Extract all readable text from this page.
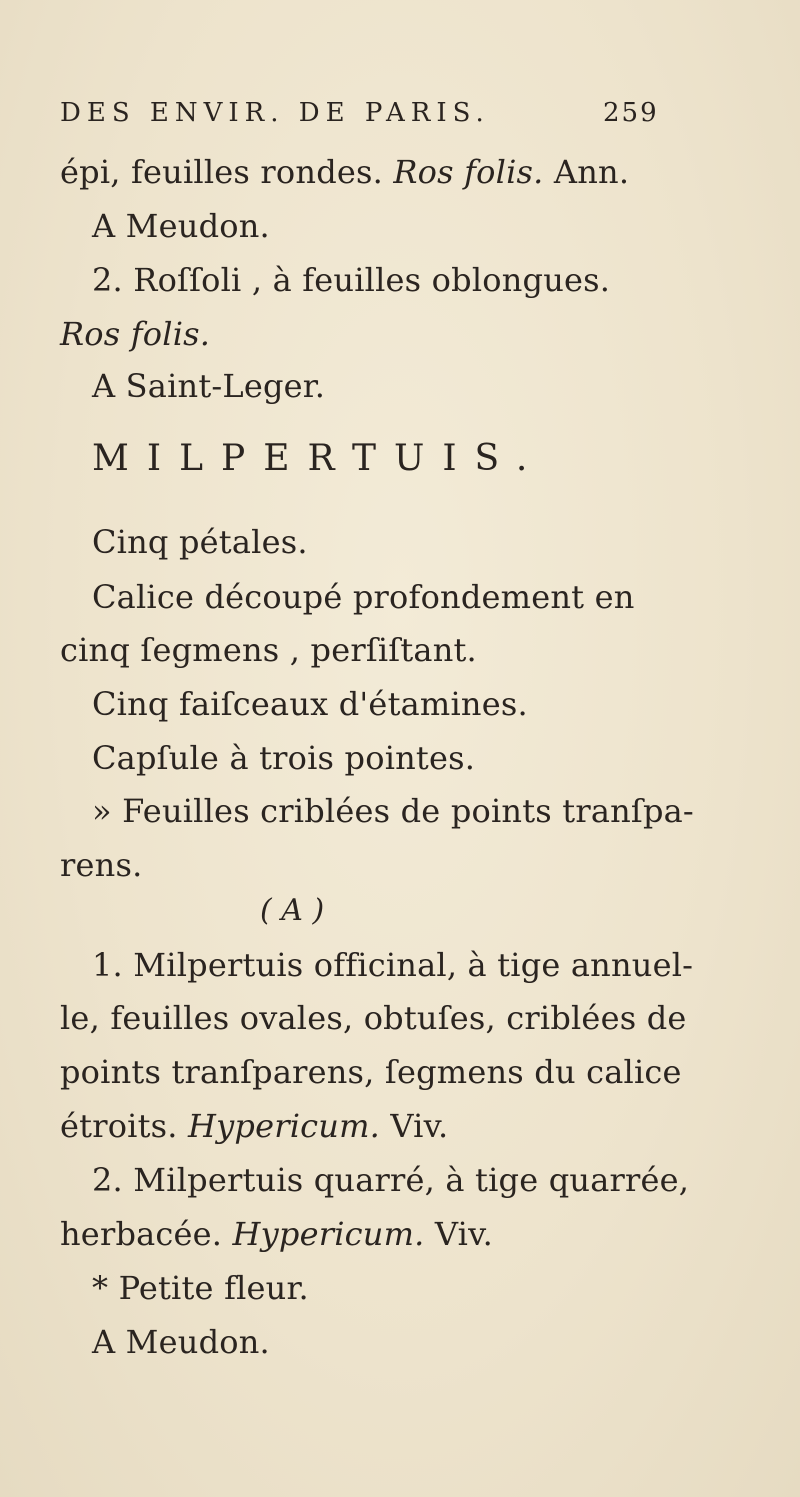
DES ENVIR. DE PARIS.	259
épi, feuilles rondes. Ros folis. Ann.
A Meudon.
2. Roſſoli , à feuilles oblongues.
Ros folis.
A Saint-Leger.
MILPERTUIS.
Cinq pétales.
Calice découpé profondement en
cinq ſegmens , perſiſtant.
Cinq faiſceaux d'étamines.
Capſule à trois pointes.
» Feuilles criblées de points tranſpa-
rens.
( A )
1. Milpertuis officinal, à tige annuel-
le, feuilles ovales, obtuſes, criblées de
points tranſparens, ſegmens du calice
étroits. Hypericum. Viv.
2. Milpertuis quarré, à tige quarrée,
herbacée. Hypericum. Viv.
* Petite fleur.
A Meudon.
